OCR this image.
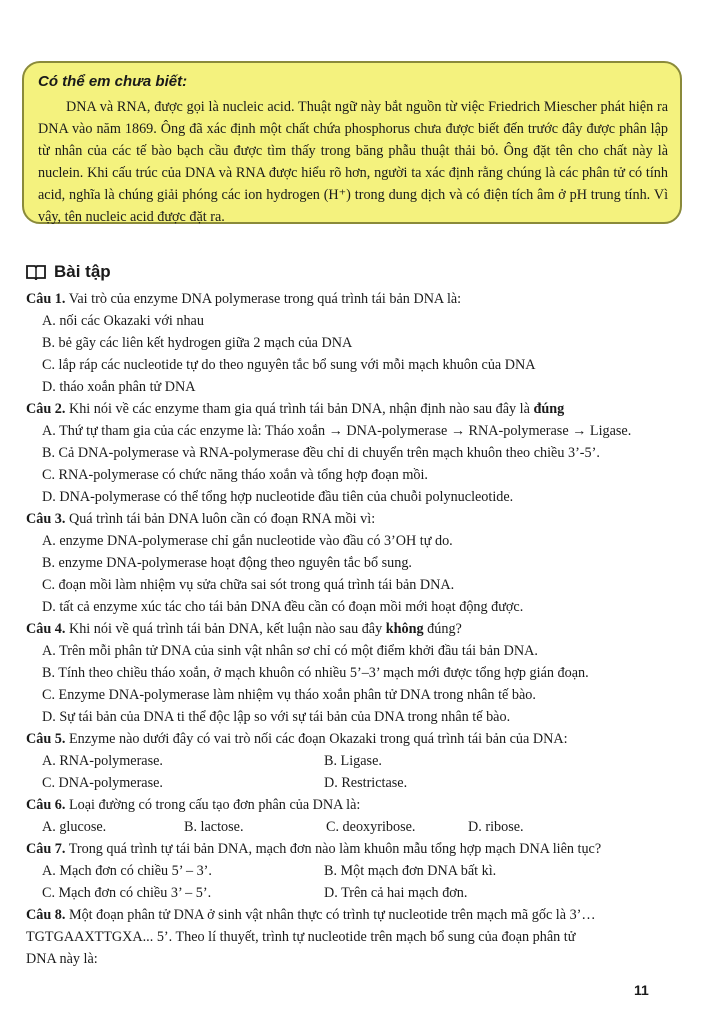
Có thể em chưa biết:

DNA và RNA, được gọi là nucleic acid. Thuật ngữ này bắt nguồn từ việc Friedrich Miescher phát hiện ra DNA vào năm 1869. Ông đã xác định một chất chứa phosphorus chưa được biết đến trước đây được phân lập từ nhân của các tế bào bạch cầu được tìm thấy trong băng phẫu thuật thải bỏ. Ông đặt tên cho chất này là nuclein. Khi cấu trúc của DNA và RNA được hiểu rõ hơn, người ta xác định rằng chúng là các phân tử có tính acid, nghĩa là chúng giải phóng các ion hydrogen (H⁺) trong dung dịch và có điện tích âm ở pH trung tính. Vì vậy, tên nucleic acid được đặt ra.
Bài tập
Câu 1. Vai trò của enzyme DNA polymerase trong quá trình tái bản DNA là:
A. nối các Okazaki với nhau
B. bẻ gãy các liên kết hydrogen giữa 2 mạch của DNA
C. lắp ráp các nucleotide tự do theo nguyên tắc bổ sung với mỗi mạch khuôn của DNA
D. tháo xoắn phân tử DNA
Câu 2. Khi nói về các enzyme tham gia quá trình tái bản DNA, nhận định nào sau đây là đúng
A. Thứ tự tham gia của các enzyme là: Tháo xoắn → DNA-polymerase → RNA-polymerase → Ligase.
B. Cả DNA-polymerase và RNA-polymerase đều chỉ di chuyển trên mạch khuôn theo chiều 3’-5’.
C. RNA-polymerase có chức năng tháo xoắn và tổng hợp đoạn mồi.
D. DNA-polymerase có thể tổng hợp nucleotide đầu tiên của chuỗi polynucleotide.
Câu 3. Quá trình tái bản DNA luôn cần có đoạn RNA mồi vì:
A. enzyme DNA-polymerase chỉ gắn nucleotide vào đầu có 3’OH tự do.
B. enzyme DNA-polymerase hoạt động theo nguyên tắc bổ sung.
C. đoạn mồi làm nhiệm vụ sửa chữa sai sót trong quá trình tái bản DNA.
D. tất cả enzyme xúc tác cho tái bản DNA đều cần có đoạn mồi mới hoạt động được.
Câu 4. Khi nói về quá trình tái bản DNA, kết luận nào sau đây không đúng?
A. Trên mỗi phân tử DNA của sinh vật nhân sơ chỉ có một điểm khởi đầu tái bản DNA.
B. Tính theo chiều tháo xoắn, ở mạch khuôn có nhiều 5’–3’ mạch mới được tổng hợp gián đoạn.
C. Enzyme DNA-polymerase làm nhiệm vụ tháo xoắn phân tử DNA trong nhân tế bào.
D. Sự tái bản của DNA ti thể độc lập so với sự tái bản của DNA trong nhân tế bào.
Câu 5. Enzyme nào dưới đây có vai trò nối các đoạn Okazaki trong quá trình tái bản của DNA:
A. RNA-polymerase.	B. Ligase.
C. DNA-polymerase.	D. Restrictase.
Câu 6. Loại đường có trong cấu tạo đơn phân của DNA là:
A. glucose.	B. lactose.	C. deoxyribose.	D. ribose.
Câu 7. Trong quá trình tự tái bản DNA, mạch đơn nào làm khuôn mẫu tổng hợp mạch DNA liên tục?
A. Mạch đơn có chiều 5’ – 3’.	B. Một mạch đơn DNA bất kì.
C. Mạch đơn có chiều 3’ – 5’.	D. Trên cả hai mạch đơn.
Câu 8. Một đoạn phân tử DNA ở sinh vật nhân thực có trình tự nucleotide trên mạch mã gốc là 3’…
TGTGAAXTTGXA... 5’. Theo lí thuyết, trình tự nucleotide trên mạch bổ sung của đoạn phân tử
DNA này là:
11
